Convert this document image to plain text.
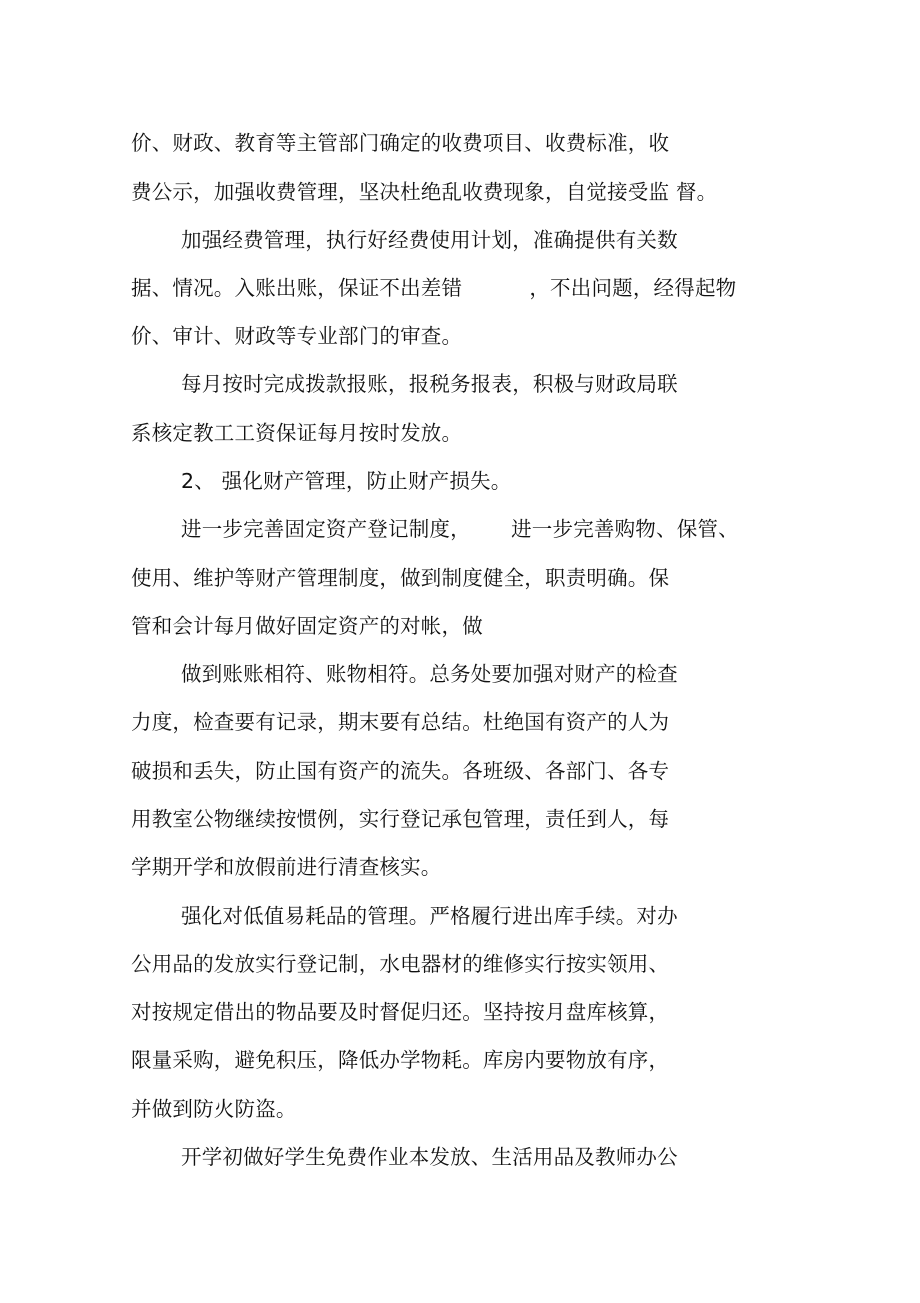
价、财政、教育等主管部门确定的收费项目、收费标准，收
费公示，加强收费管理，坚决杜绝乱收费现象，自觉接受监 督。
加强经费管理，执行好经费使用计划，准确提供有关数
据、情况。入账出账，保证不出差错          ，不出问题，经得起物
价、审计、财政等专业部门的审查。
每月按时完成拨款报账，报税务报表，积极与财政局联
系核定教工工资保证每月按时发放。
2、 强化财产管理，防止财产损失。
进一步完善固定资产登记制度，      进一步完善购物、保管、
使用、维护等财产管理制度，做到制度健全，职责明确。保
管和会计每月做好固定资产的对帐，做
做到账账相符、账物相符。总务处要加强对财产的检查
力度，检查要有记录，期末要有总结。杜绝国有资产的人为
破损和丢失，防止国有资产的流失。各班级、各部门、各专
用教室公物继续按惯例，实行登记承包管理，责任到人，每
学期开学和放假前进行清查核实。
强化对低值易耗品的管理。严格履行进出库手续。对办
公用品的发放实行登记制，水电器材的维修实行按实领用、
对按规定借出的物品要及时督促归还。坚持按月盘库核算，
限量采购，避免积压，降低办学物耗。库房内要物放有序，
并做到防火防盗。
开学初做好学生免费作业本发放、生活用品及教师办公
